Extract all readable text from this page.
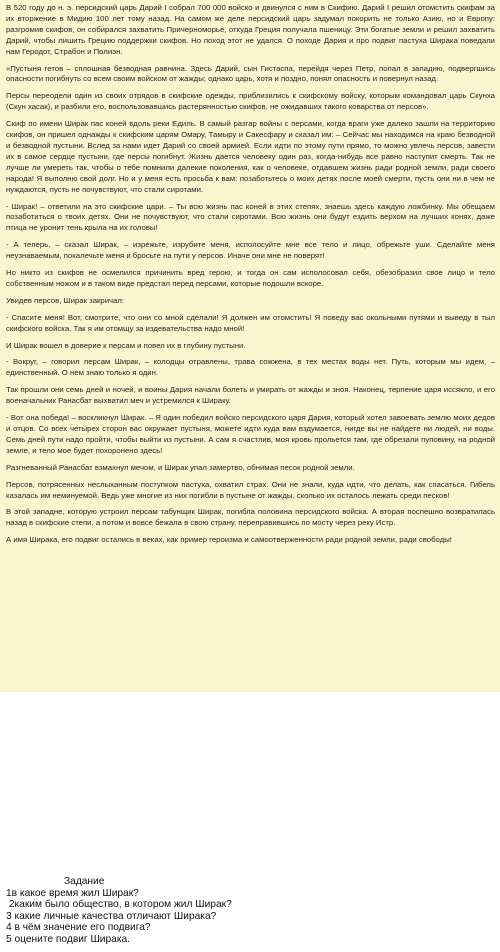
В 520 году до н. э. персидский царь Дарий I собрал 700 000 войско и двинулся с ним в Скифию. Дарий I решил отомстить скифам за их вторжение в Мидию 100 лет тому назад. На самом же деле персидский царь задумал покорить не только Азию, но и Европу: разгромив скифов, он собирался захватить Причерноморье, откуда Греция получала пшеницу. Эти богатые земли и решил захватить Дарий, чтобы лишить Грецию поддержки скифов. Но поход этот не удался. О походе Дария и про подвиг пастуха Ширака поведали нам Геродот, Страбон и Полиэн.

«Пустыня гетов – сплошная безводная равнина. Здесь Дарий, сын Гистаспа, перейдя через Петр, попал в западню, подвергшись опасности погибнуть со всем своим войском от жажды; однако царь, хотя и поздно, понял опасность и повернул назад.

Персы переодели один из своих отрядов в скифские одежды, приблизились к скифскому войску, которым командовал царь Скунха (Скун хасак), и разбили его, воспользовавшись растерянностью скифов, не ожидавших такого коварства от персов».

Скиф по имени Ширак пас коней вдоль реки Едиль. В самый разгар войны с персами, когда враги уже далеко зашли на территорию скифов, он пришел однажды к скифским царям Омару, Тамыру и Сакесфару и сказал им: – Сейчас мы находимся на краю безводной и безводной пустыни. Вслед за нами идет Дарий со своей армией. Если идти по этому пути прямо, то можно увлечь персов, завести их в самое сердце пустыни, где персы погибнут. Жизнь дается человеку один раз, когда-нибудь все равно наступит смерть. Так не лучше ли умереть так, чтобы о тебе помнили далекие поколения, как о человеке, отдавшем жизнь ради родной земли, ради своего народа! Я выполню свой долг. Но и у меня есть просьба к вам: позаботьтесь о моих детях после моей смерти, пусть они ни в чем не нуждаются, пусть не почувствуют, что стали сиротами.

- Ширак! – ответили на это скифские цари. – Ты всю жизнь пас коней в этих степях, знаешь здесь каждую ложбинку. Мы обещаем позаботиться о твоих детях. Они не почувствуют, что стали сиротами. Всю жизнь они будут ездить верхом на лучших конях, даже птица не уронит тень крыла на их головы!

- А теперь, – сказал Ширак, – изрежьте, изрубите меня, исполосуйте мне все тело и лицо, обрежьте уши. Сделайте меня неузнаваемым, покалечьте меня и бросьте на пути у персов. Иначе они мне не поверят!

Но никто из скифов не осмелился причинить вред герою, и тогда он сам исполосовал себя, обезобразил свое лицо и тело собственным ножом и в таком виде предстал перед персами, которые подошли вскоре.

Увидев персов, Ширак закричал:

- Спасите меня! Вот, смотрите, что они со мной сделали! Я должен им отомстить! Я поведу вас окольными путями и выведу в тыл скифского войска. Так я им отомщу за издевательства надо мной!

И Ширак вошел в доверие к персам и повел их в глубину пустыни.

- Вокруг, – говорил персам Ширак, – колодцы отравлены, трава сожжена, в тех местах воды нет. Путь, которым мы идем, – единственный. О нем знаю только я один.

Так прошли они семь дней и ночей, и воины Дария начали болеть и умирать от жажды и зноя. Наконец, терпение царя иссякло, и его военачальник Ранасбат выхватил меч и устремился к Шираку.

- Вот она победа! – воскликнул Ширак. – Я один победил войско персидского царя Дария, который хотел завоевать землю моих дедов и отцов. Со всех четырех сторон вас окружает пустыня, можете идти куда вам вздумается, нигде вы не найдете ни людей, ни воды. Семь дней пути надо пройти, чтобы выйти из пустыни. А сам я счастлив, моя кровь прольется там, где обрезали пуповину, на родной земле, и тело мое будет похоронено здесь!

Разгневанный Ранасбат взмахнул мечом, и Ширак упал замертво, обнимая песок родной земли.

Персов, потрясенных неслыханным поступком пастуха, охватил страх. Они не знали, куда идти, что делать, как спасаться. Гибель казалась им неминуемой. Ведь уже многие из них погибли в пустыне от жажды, сколько их осталось лежать среди песков!

В этой западне, которую устроил персам табунщик Ширак, погибла половина персидского войска. А вторая поспешно возвратилась назад в скифские степи, а потом и вовсе бежала в свою страну, переправившись по мосту через реку Истр.

А имя Ширака, его подвиг остались в веках, как пример героизма и самоотверженности ради родной земли, ради свободы!

Задание
1в какое время жил Ширак?
2каким было общество, в котором жил Ширак?
3 какие личные качества отличают Ширака?
4 в чём значение его подвига?
5 оцените подвиг Ширака.
